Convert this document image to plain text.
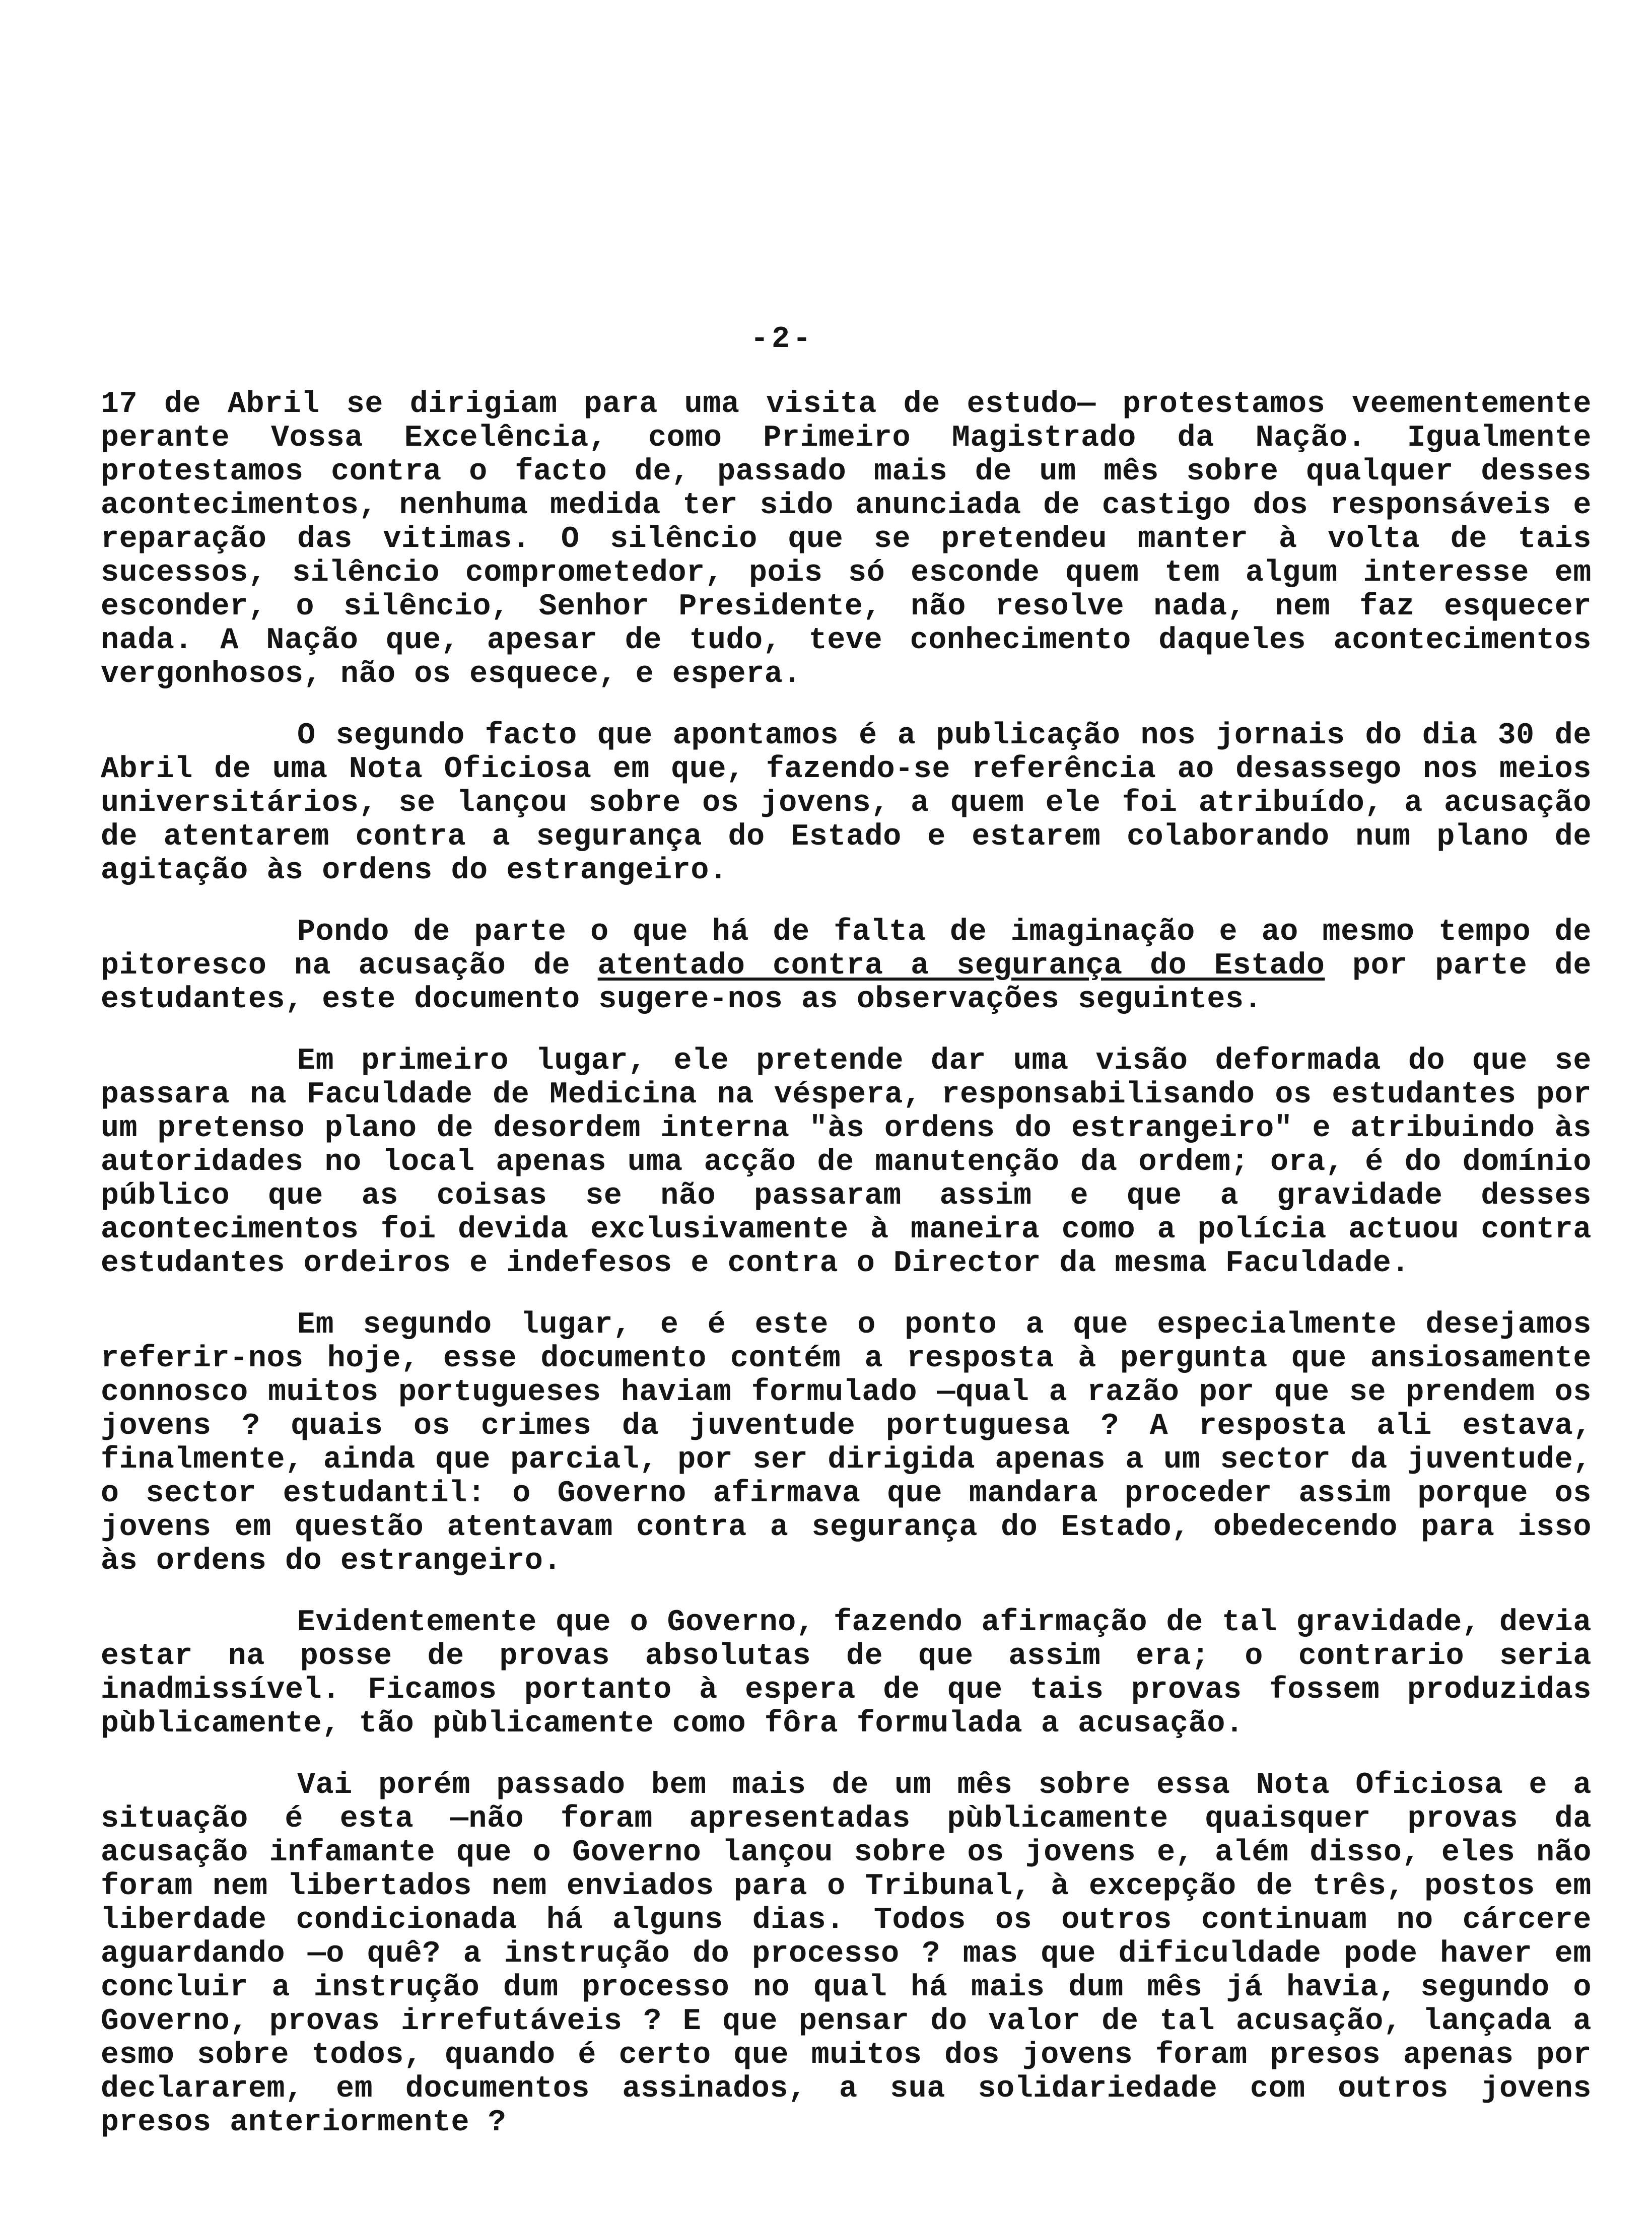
-2-

17 de Abril se dirigiam para uma visita de estudo— protestamos veementemente perante Vossa Excelência, como Primeiro Magistrado da Nação. Igualmente protestamos contra o facto de, passado mais de um mês sobre qualquer desses acontecimentos, nenhuma medida ter sido anunciada de castigo dos responsáveis e reparação das vitimas. O silêncio que se pretendeu manter à volta de tais sucessos, silêncio comprometedor, pois só esconde quem tem algum interesse em esconder, o silêncio, Senhor Presidente, não resolve nada, nem faz esquecer nada. A Nação que, apesar de tudo, teve conhecimento daqueles acontecimentos vergonhosos, não os esquece, e espera.

O segundo facto que apontamos é a publicação nos jornais do dia 30 de Abril de uma Nota Oficiosa em que, fazendo-se referência ao desassego nos meios universitários, se lançou sobre os jovens, a quem ele foi atribuído, a acusação de atentarem contra a segurança do Estado e estarem colaborando num plano de agitação às ordens do estrangeiro.

Pondo de parte o que há de falta de imaginação e ao mesmo tempo de pitoresco na acusação de atentado contra a segurança do Estado por parte de estudantes, este documento sugere-nos as observações seguintes.

Em primeiro lugar, ele pretende dar uma visão deformada do que se passara na Faculdade de Medicina na véspera, responsabilisando os estudantes por um pretenso plano de desordem interna "às ordens do estrangeiro" e atribuindo às autoridades no local apenas uma acção de manutenção da ordem; ora, é do domínio público que as coisas se não passaram assim e que a gravidade desses acontecimentos foi devida exclusivamente à maneira como a polícia actuou contra estudantes ordeiros e indefesos e contra o Director da mesma Faculdade.

Em segundo lugar, e é este o ponto a que especialmente desejamos referir-nos hoje, esse documento contém a resposta à pergunta que ansiosamente connosco muitos portugueses haviam formulado —qual a razão por que se prendem os jovens ? quais os crimes da juventude portuguesa ? A resposta ali estava, finalmente, ainda que parcial, por ser dirigida apenas a um sector da juventude, o sector estudantil: o Governo afirmava que mandara proceder assim porque os jovens em questão atentavam contra a segurança do Estado, obedecendo para isso às ordens do estrangeiro.

Evidentemente que o Governo, fazendo afirmação de tal gravidade, devia estar na posse de provas absolutas de que assim era; o contrario seria inadmissível. Ficamos portanto à espera de que tais provas fossem produzidas pùblicamente, tão pùblicamente como fôra formulada a acusação.

Vai porém passado bem mais de um mês sobre essa Nota Oficiosa e a situação é esta —não foram apresentadas pùblicamente quaisquer provas da acusação infamante que o Governo lançou sobre os jovens e, além disso, eles não foram nem libertados nem enviados para o Tribunal, à excepção de três, postos em liberdade condicionada há alguns dias. Todos os outros continuam no cárcere aguardando —o quê? a instrução do processo ? mas que dificuldade pode haver em concluir a instrução dum processo no qual há mais dum mês já havia, segundo o Governo, provas irrefutáveis ? E que pensar do valor de tal acusação, lançada a esmo sobre todos, quando é certo que muitos dos jovens foram presos apenas por declararem, em documentos assinados, a sua solidariedade com outros jovens presos anteriormente ?
